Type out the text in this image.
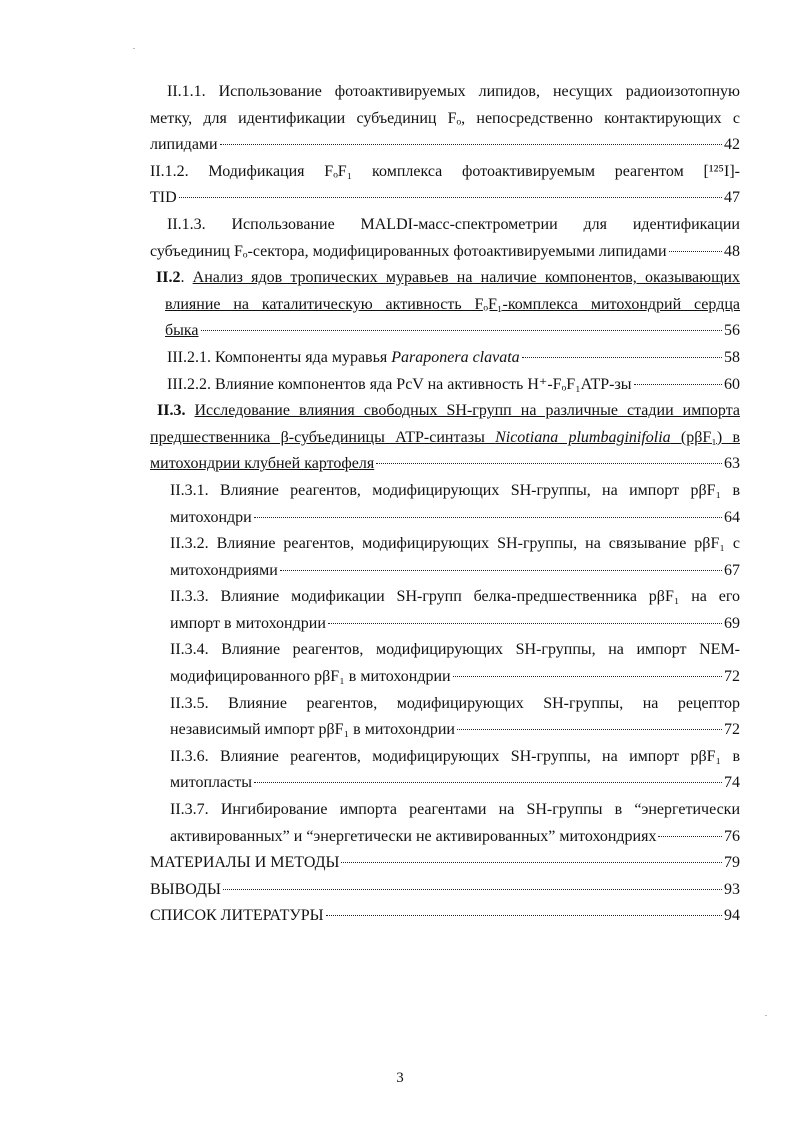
II.1.1. Использование фотоактивируемых липидов, несущих радиоизотопную
метку, для идентификации субъединиц Fₒ, непосредственно контактирующих с
липидами	42
II.1.2. Модификация FₒF₁ комплекса фотоактивируемым реагентом [¹²⁵I]-
TID	47
II.1.3. Использование MALDI-масс-спектрометрии для идентификации
субъединиц Fₒ-сектора, модифицированных фотоактивируемыми липидами	48
II.2. Анализ ядов тропических муравьев на наличие компонентов, оказывающих
влияние на каталитическую активность FₒF₁-комплекса митохондрий сердца
быка	56
III.2.1. Компоненты яда муравья Paraponera clavata	58
III.2.2. Влияние компонентов яда PcV на активность H⁺-FₒF₁ATP-зы	60
II.3. Исследование влияния свободных SH-групп на различные стадии импорта
предшественника β-субъединицы АТР-синтазы Nicotiana plumbaginifolia (pβF₁) в
митохондрии клубней картофеля	63
II.3.1. Влияние реагентов, модифицирующих SH-группы, на импорт pβF₁ в
митохондри	64
II.3.2. Влияние реагентов, модифицирующих SH-группы, на связывание pβF₁ с
митохондриями	67
II.3.3. Влияние модификации SH-групп белка-предшественника pβF₁ на его
импорт в митохондрии	69
II.3.4. Влияние реагентов, модифицирующих SH-группы, на импорт NEM-
модифицированного pβF₁ в митохондрии	72
II.3.5. Влияние реагентов, модифицирующих SH-группы, на рецептор
независимый импорт pβF₁ в митохондрии	72
II.3.6. Влияние реагентов, модифицирующих SH-группы, на импорт pβF₁ в
митопласты	74
II.3.7. Ингибирование импорта реагентами на SH-группы в “энергетически
активированных” и “энергетически не активированных” митохондриях	76
МАТЕРИАЛЫ И МЕТОДЫ	79
ВЫВОДЫ	93
СПИСОК ЛИТЕРАТУРЫ	94
3
